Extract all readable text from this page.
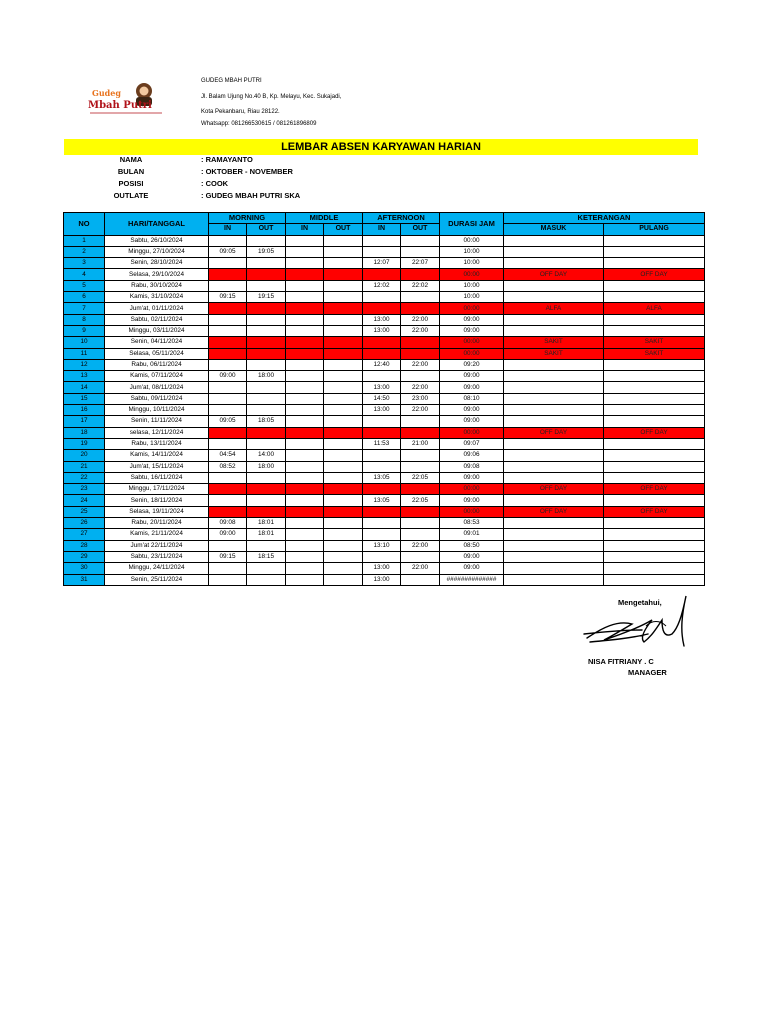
Gudeg
Mbah Putri
GUDEG MBAH PUTRI
Jl. Balam Ujung No.40 B, Kp. Melayu, Kec. Sukajadi,
Kota Pekanbaru, Riau 28122.
Whatsapp: 081266530615 / 081261896809
LEMBAR ABSEN KARYAWAN HARIAN
NAMA	: RAMAYANTO
BULAN	: OKTOBER - NOVEMBER
POSISI	: COOK
OUTLATE	: GUDEG MBAH PUTRI SKA
NO	HARI/TANGGAL	MORNING		MIDDLE		AFTERNOON		DURASI JAM	KETERANGAN	
		IN	OUT	IN	OUT	IN	OUT		MASUK	PULANG
1	Sabtu, 26/10/2024							00:00		
2	Minggu, 27/10/2024	09:05	19:05					10:00		
3	Senin, 28/10/2024					12:07	22:07	10:00		
4	Selasa, 29/10/2024							00:00	OFF DAY	OFF DAY
5	Rabu, 30/10/2024					12:02	22:02	10:00		
6	Kamis, 31/10/2024	09:15	19:15					10:00		
7	Jum'at, 01/11/2024							00:00	ALFA	ALFA
8	Sabtu, 02/11/2024					13:00	22:00	09:00		
9	Minggu, 03/11/2024					13:00	22:00	09:00		
10	Senin, 04/11/2024							00:00	SAKIT	SAKIT
11	Selasa, 05/11/2024							00:00	SAKIT	SAKIT
12	Rabu, 06/11/2024					12:40	22:00	09:20		
13	Kamis, 07/11/2024	09:00	18:00					09:00		
14	Jum'at, 08/11/2024					13:00	22:00	09:00		
15	Sabtu, 09/11/2024					14:50	23:00	08:10		
16	Minggu, 10/11/2024					13:00	22:00	09:00		
17	Senin, 11/11/2024	09:05	18:05					09:00		
18	selasa, 12/11/2024							00:00	OFF DAY	OFF DAY
19	Rabu, 13/11/2024					11:53	21:00	09:07		
20	Kamis, 14/11/2024	04:54	14:00					09:06		
21	Jum'at, 15/11/2024	08:52	18:00					09:08		
22	Sabtu, 16/11/2024					13:05	22:05	09:00		
23	Minggu, 17/11/2024							00:00	OFF DAY	OFF DAY
24	Senin, 18/11/2024					13:05	22:05	09:00		
25	Selasa, 19/11/2024							00:00	OFF DAY	OFF DAY
26	Rabu, 20/11/2024	09:08	18:01					08:53		
27	Kamis, 21/11/2024	09:00	18:01					09:01		
28	Jum'at 22/11/2024					13:10	22:00	08:50		
29	Sabtu, 23/11/2024	09:15	18:15					09:00		
30	Minggu, 24/11/2024					13:00	22:00	09:00		
31	Senin, 25/11/2024					13:00		##############		
Mengetahui,
NISA FITRIANY . C
MANAGER
